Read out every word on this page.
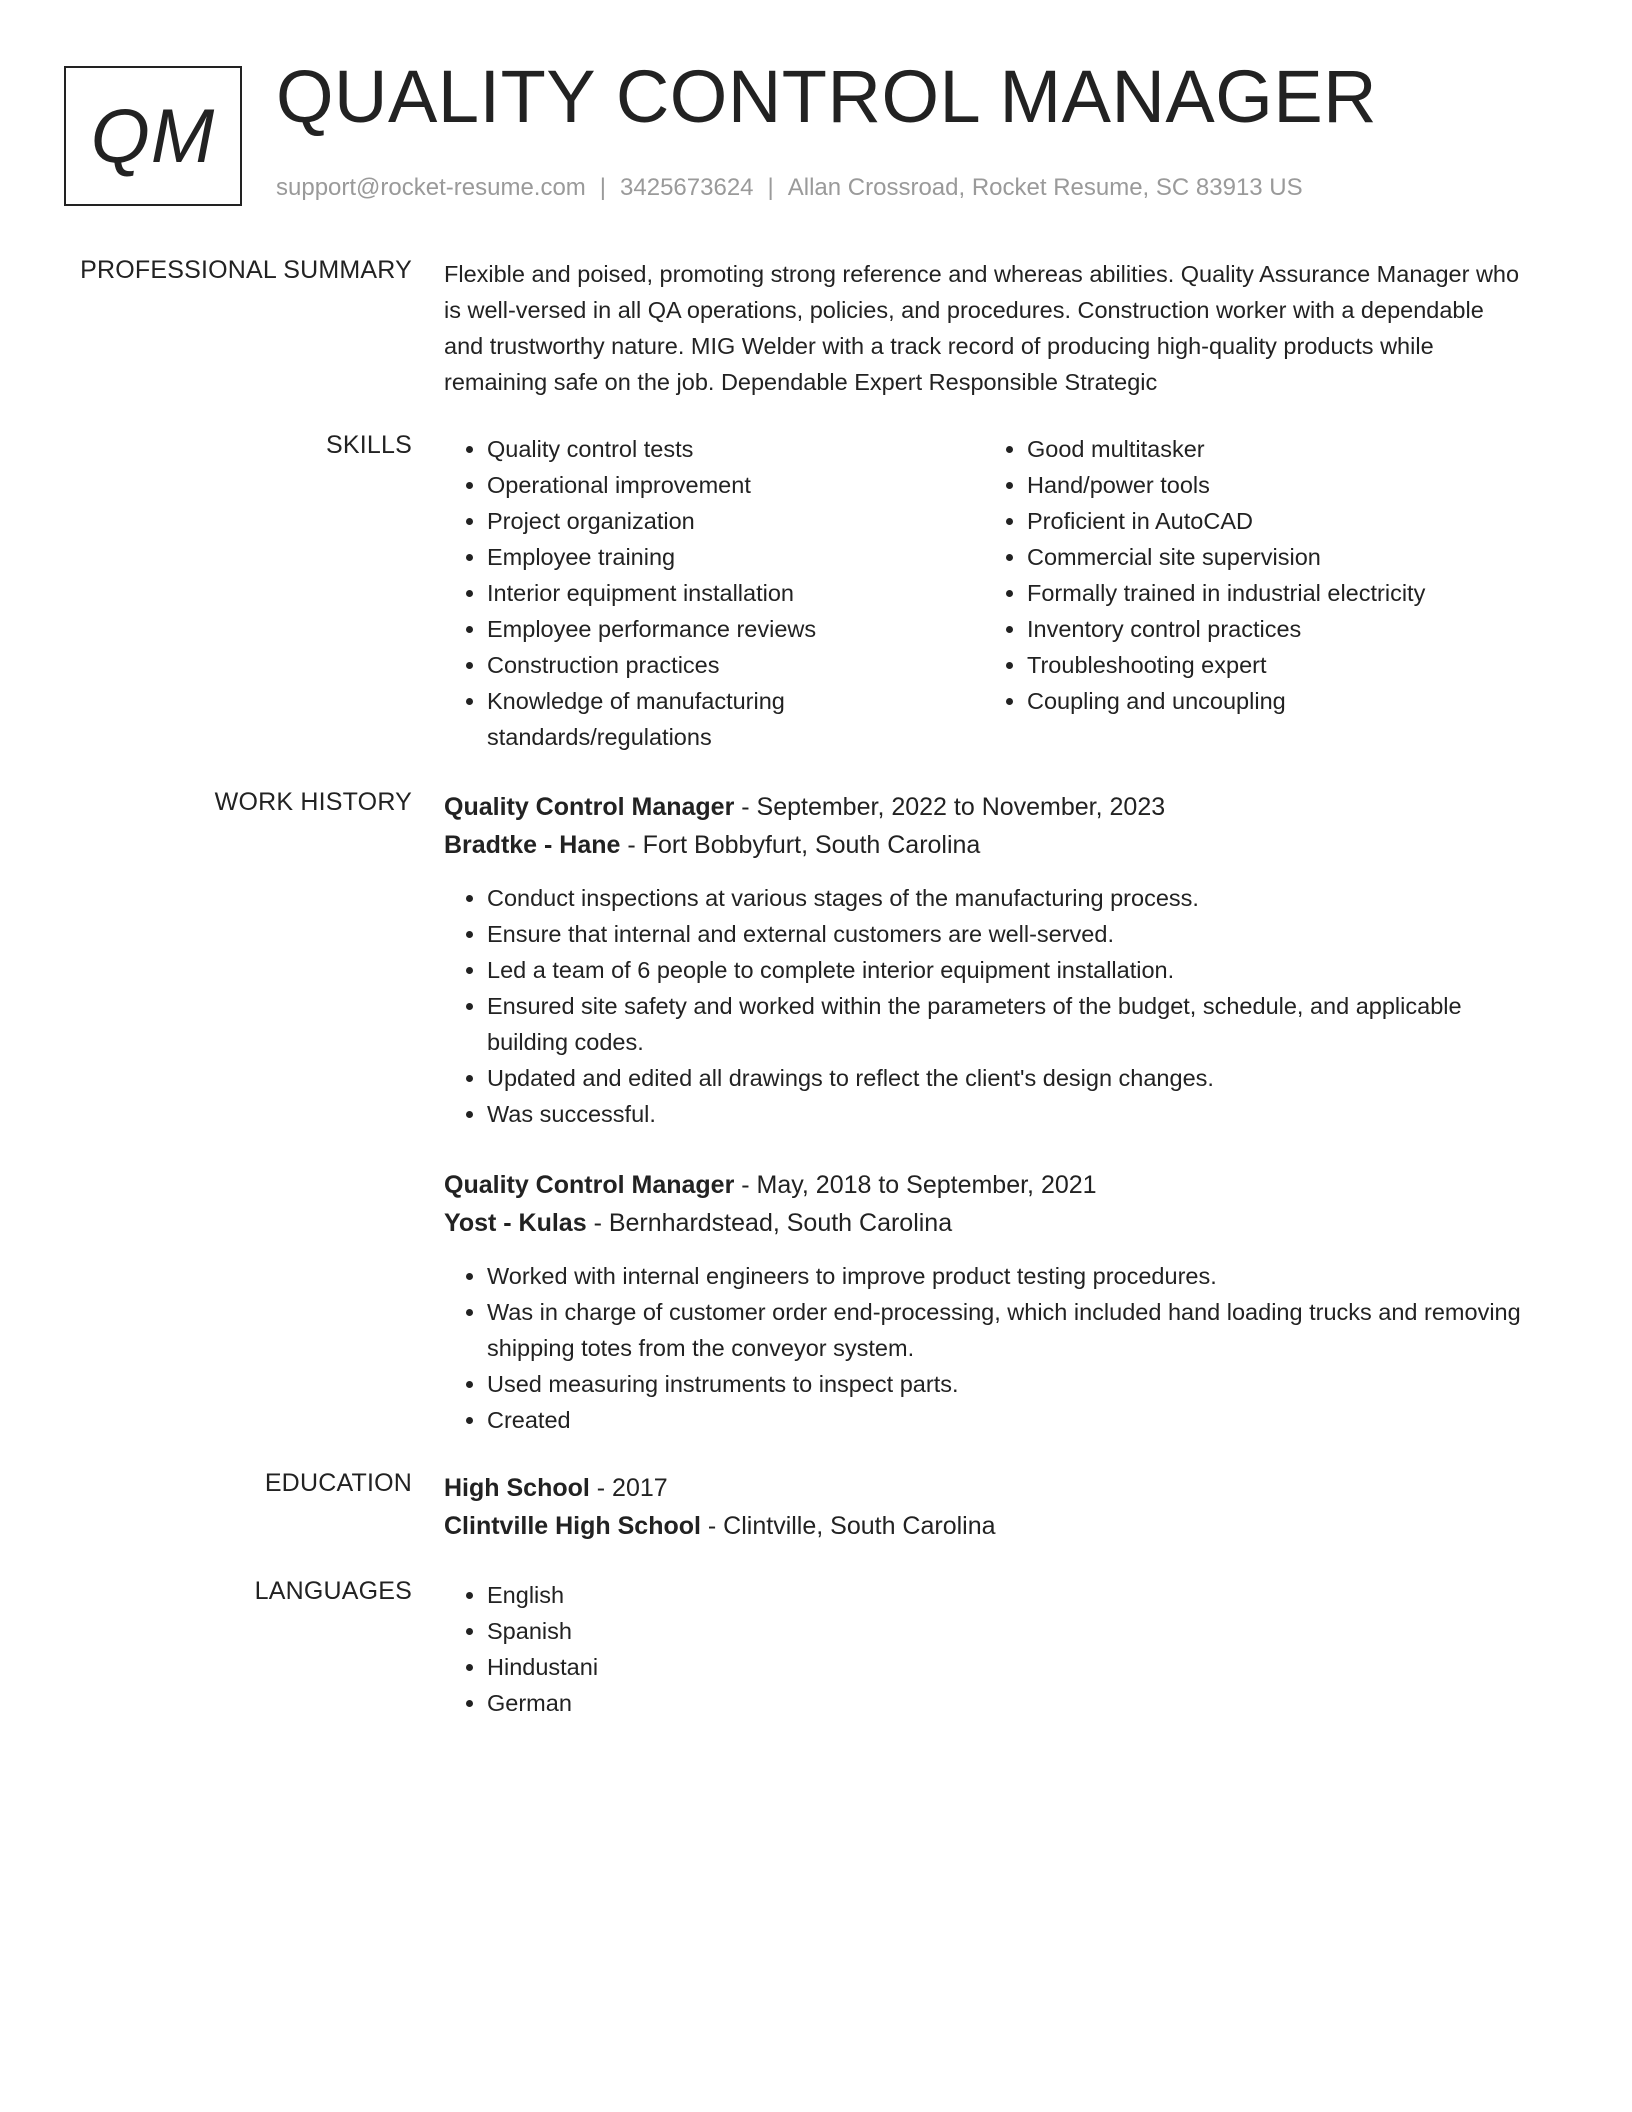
QM QUALITY CONTROL MANAGER
support@rocket-resume.com | 3425673624 | Allan Crossroad, Rocket Resume, SC 83913 US
PROFESSIONAL SUMMARY Flexible and poised, promoting strong reference and whereas abilities. Quality Assurance Manager who is well-versed in all QA operations, policies, and procedures. Construction worker with a dependable and trustworthy nature. MIG Welder with a track record of producing high-quality products while remaining safe on the job. Dependable Expert Responsible Strategic

SKILLS	• Quality control tests
• Operational improvement
• Project organization
• Employee training
• Interior equipment installation
• Employee performance reviews
• Construction practices
• Knowledge of manufacturing standards/regulations
• Good multitasker
• Hand/power tools
• Proficient in AutoCAD
• Commercial site supervision
• Formally trained in industrial electricity
• Inventory control practices
• Troubleshooting expert
• Coupling and uncoupling
WORK HISTORY Quality Control Manager - September, 2022 to November, 2023
Bradtke - Hane - Fort Bobbyfurt, South Carolina
• Conduct inspections at various stages of the manufacturing process.
• Ensure that internal and external customers are well-served.
• Led a team of 6 people to complete interior equipment installation.
• Ensured site safety and worked within the parameters of the budget, schedule, and applicable building codes.
• Updated and edited all drawings to reflect the client's design changes.
• Was successful.
Quality Control Manager - May, 2018 to September, 2021
Yost - Kulas - Bernhardstead, South Carolina
• Worked with internal engineers to improve product testing procedures.
• Was in charge of customer order end-processing, which included hand loading trucks and removing shipping totes from the conveyor system.
• Used measuring instruments to inspect parts.
• Created
EDUCATION High School - 2017
Clintville High School - Clintville, South Carolina
LANGUAGES	• English
• Spanish
• Hindustani
• German
